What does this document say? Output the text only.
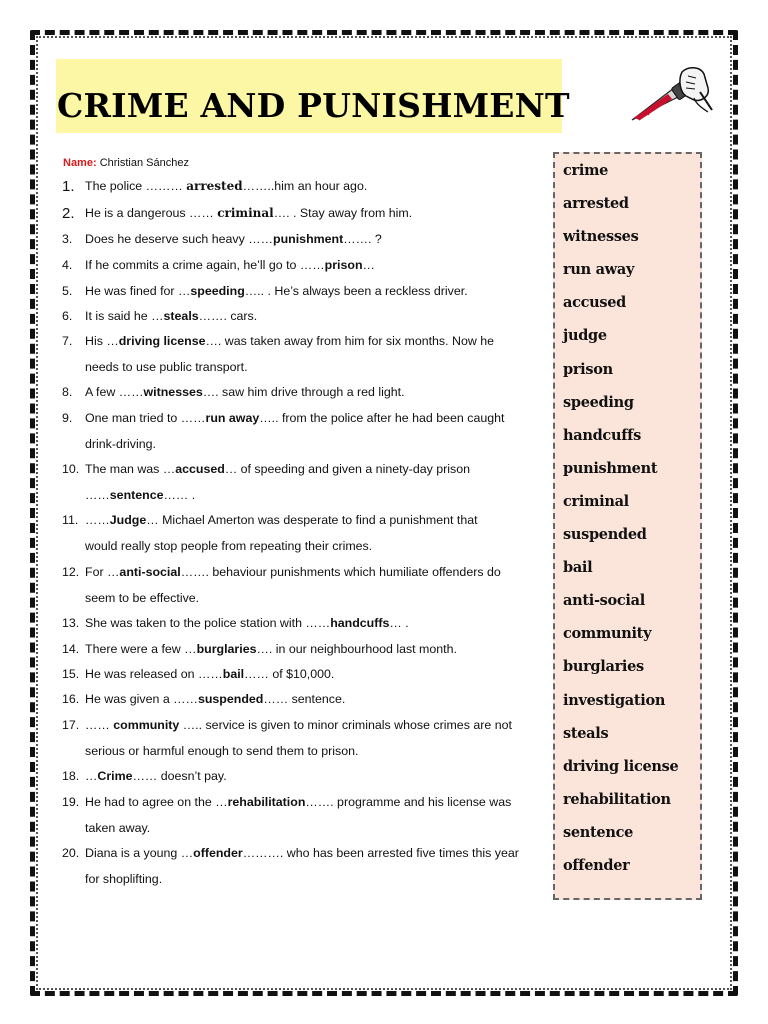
CRIME AND PUNISHMENT
Name: Christian Sánchez
1. The police ……… arrested……..him an hour ago.
2. He is a dangerous …… criminal…. . Stay away from him.
3.	Does he deserve such heavy ……punishment……. ?
4.	If he commits a crime again, he’ll go to ……prison…
5.	He was fined for …speeding….. . He’s always been a reckless driver.
6.	It is said he …steals……. cars.
7.	His …driving license…. was taken away from him for six months. Now he
needs to use public transport.
8.	A few ……witnesses…. saw him drive through a red light.
9.	One man tried to ……run away….. from the police after he had been caught
drink-driving.
10. The man was …accused… of speeding and given a ninety-day prison
……sentence…… .
11. ……Judge… Michael Amerton was desperate to find a punishment that
would really stop people from repeating their crimes.
12. For …anti-social……. behaviour punishments which humiliate offenders do
seem to be effective.
13. She was taken to the police station with ……handcuffs… .
14. There were a few …burglaries…. in our neighbourhood last month.
15. He was released on ……bail…… of $10,000.
16. He was given a ……suspended…… sentence.
17. …… community ….. service is given to minor criminals whose crimes are not
serious or harmful enough to send them to prison.
18. …Crime…… doesn’t pay.
19. He had to agree on the …rehabilitation……. programme and his license was
taken away.
20. Diana is a young …offender………. who has been arrested five times this year
for shoplifting.
crime
arrested
witnesses
run away
accused
judge
prison
speeding
handcuffs
punishment
criminal
suspended
bail
anti-social
community
burglaries
investigation
steals
driving license
rehabilitation
sentence
offender
